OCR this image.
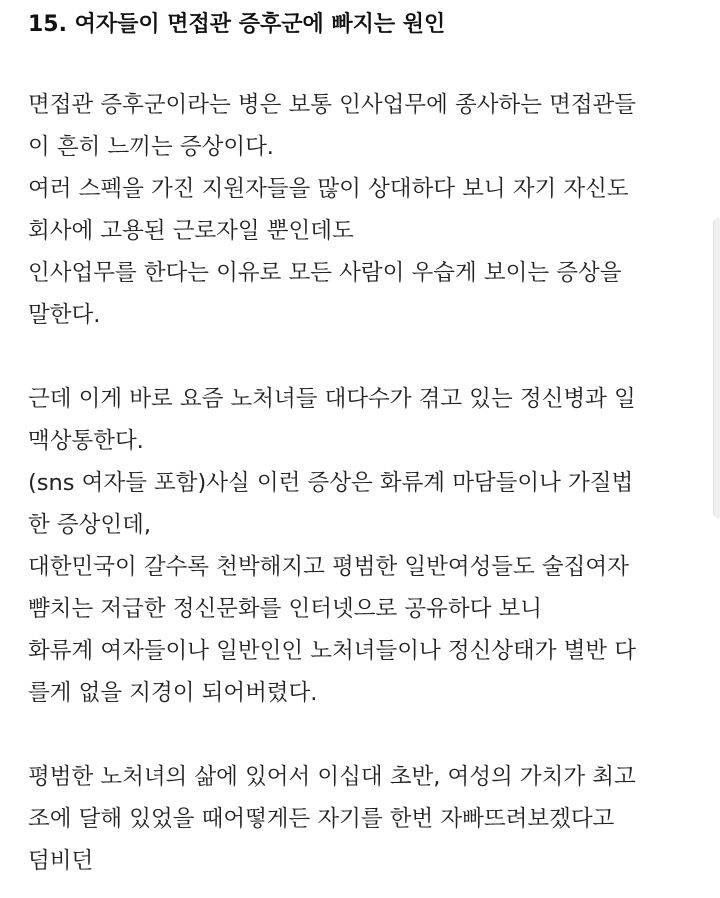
15. 여자들이 면접관 증후군에 빠지는 원인

면접관 증후군이라는 병은 보통 인사업무에 종사하는 면접관들
이 흔히 느끼는 증상이다.
여러 스펙을 가진 지원자들을 많이 상대하다 보니 자기 자신도
회사에 고용된 근로자일 뿐인데도
인사업무를 한다는 이유로 모든 사람이 우습게 보이는 증상을
말한다.

근데 이게 바로 요즘 노처녀들 대다수가 겪고 있는 정신병과 일
맥상통한다.
(sns 여자들 포함)사실 이런 증상은 화류계 마담들이나 가질법
한 증상인데,
대한민국이 갈수록 천박해지고 평범한 일반여성들도 술집여자
뺨치는 저급한 정신문화를 인터넷으로 공유하다 보니
화류계 여자들이나 일반인인 노처녀들이나 정신상태가 별반 다
를게 없을 지경이 되어버렸다.

평범한 노처녀의 삶에 있어서 이십대 초반, 여성의 가치가 최고
조에 달해 있었을 때어떻게든 자기를 한번 자빠뜨려보겠다고
덤비던
